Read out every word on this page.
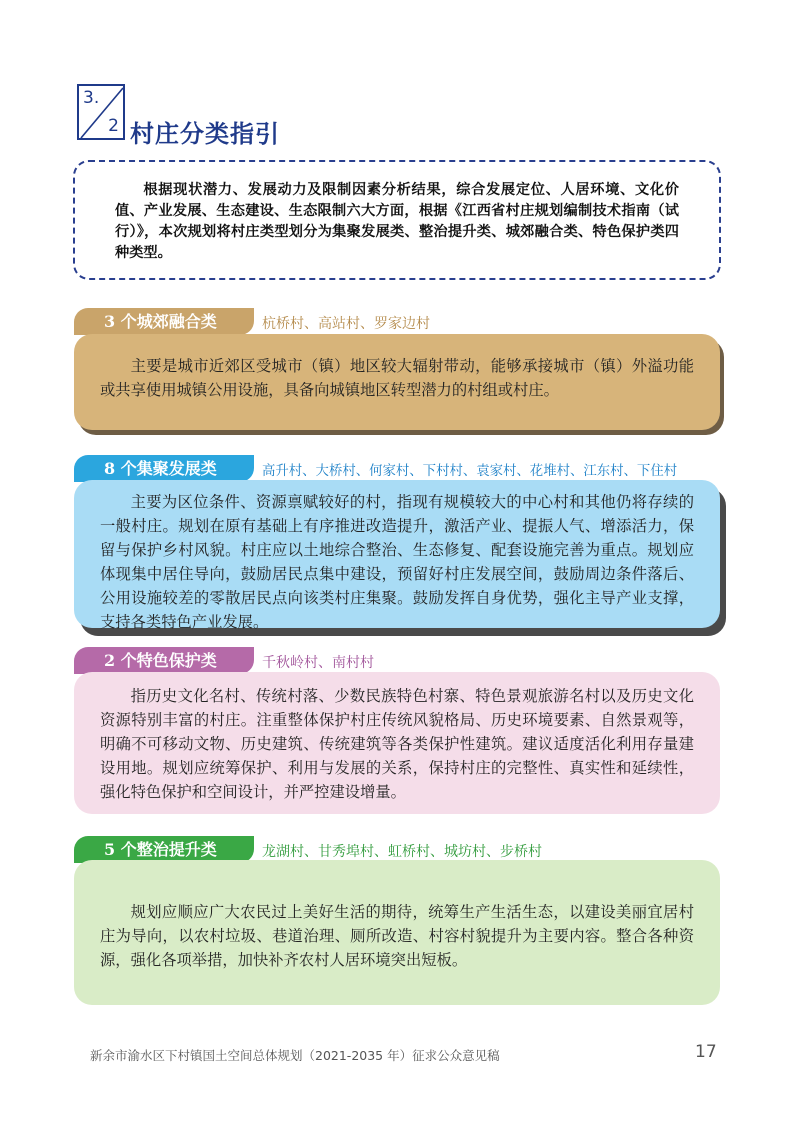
3.
2 村庄分类指引
根据现状潜力、发展动力及限制因素分析结果，综合发展定位、人居环境、文化价值、产业发展、生态建设、生态限制六大方面，根据《江西省村庄规划编制技术指南（试行）》，本次规划将村庄类型划分为集聚发展类、整治提升类、城郊融合类、特色保护类四种类型。
3 个城郊融合类	杭桥村、高站村、罗家边村
主要是城市近郊区受城市（镇）地区较大辐射带动，能够承接城市（镇）外溢功能或共享使用城镇公用设施，具备向城镇地区转型潜力的村组或村庄。
8 个集聚发展类	高升村、大桥村、何家村、下村村、袁家村、花堆村、江东村、下住村
主要为区位条件、资源禀赋较好的村，指现有规模较大的中心村和其他仍将存续的一般村庄。规划在原有基础上有序推进改造提升，激活产业、提振人气、增添活力，保留与保护乡村风貌。村庄应以土地综合整治、生态修复、配套设施完善为重点。规划应体现集中居住导向，鼓励居民点集中建设，预留好村庄发展空间，鼓励周边条件落后、公用设施较差的零散居民点向该类村庄集聚。鼓励发挥自身优势，强化主导产业支撑，支持各类特色产业发展。
2 个特色保护类	千秋岭村、南村村
指历史文化名村、传统村落、少数民族特色村寨、特色景观旅游名村以及历史文化资源特别丰富的村庄。注重整体保护村庄传统风貌格局、历史环境要素、自然景观等，明确不可移动文物、历史建筑、传统建筑等各类保护性建筑。建议适度活化利用存量建设用地。规划应统筹保护、利用与发展的关系，保持村庄的完整性、真实性和延续性，强化特色保护和空间设计，并严控建设增量。
5 个整治提升类	龙湖村、甘秀埠村、虹桥村、城坊村、步桥村
规划应顺应广大农民过上美好生活的期待，统筹生产生活生态，以建设美丽宜居村庄为导向，以农村垃圾、巷道治理、厕所改造、村容村貌提升为主要内容。整合各种资源，强化各项举措，加快补齐农村人居环境突出短板。
新余市渝水区下村镇国土空间总体规划（2021-2035 年）征求公众意见稿	17
